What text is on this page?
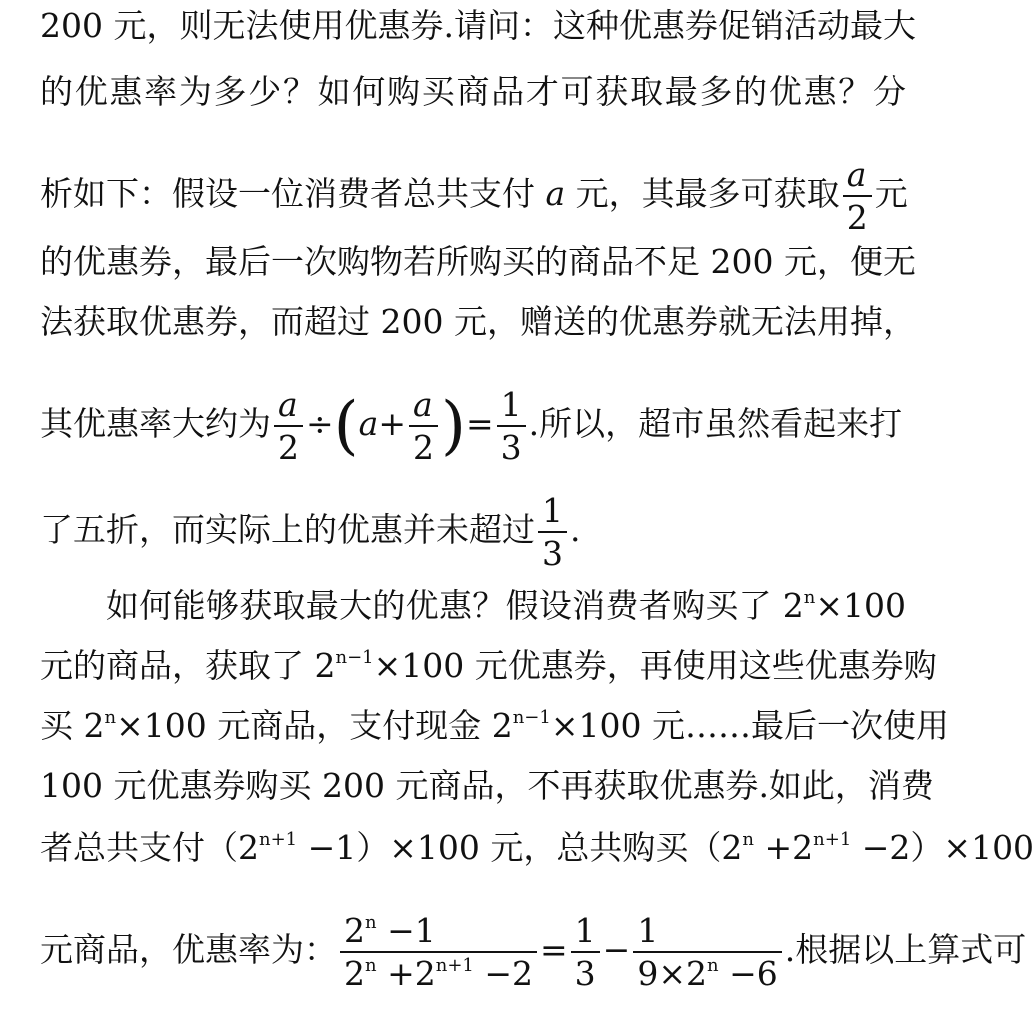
200 元，则无法使用优惠券.请问：这种优惠券促销活动最大
的优惠率为多少？如何购买商品才可获取最多的优惠？分
析如下：假设一位消费者总共支付 a 元，其最多可获取 $\frac{a}{2}$ 元
的优惠券，最后一次购物若所购买的商品不足 200 元，便无
法获取优惠券，而超过 200 元，赠送的优惠券就无法用掉，
其优惠率大约为 $\frac{a}{2} \div(a+ \frac{a}{2}$ )= $\frac{1}{3}$ .所以，超市虽然看起来打
了五折，而实际上的优惠并未超过 $\frac{1}{3}$ .
如何能够获取最大的优惠？假设消费者购买了 $2^n\times 100$
元的商品，获取了 $2^{n-1}\times 100$ 元优惠券，再使用这些优惠券购
买 $2^n\times 100$ 元商品，支付现金 $2^{n-1}\times 100$ 元……最后一次使用
100 元优惠券购买 200 元商品，不再获取优惠券.如此，消费
者总共支付$(2^{n+1} -1)\times 100$ 元，总共购买$(2^n +2^{n+1} -2)\times 100$
元商品，优惠率为： $\frac{2^n -1}{2^n +2^{n+1} -2} = \frac{1}{3} - \frac{1}{9\times 2^n -6}$ .根据以上算式可
